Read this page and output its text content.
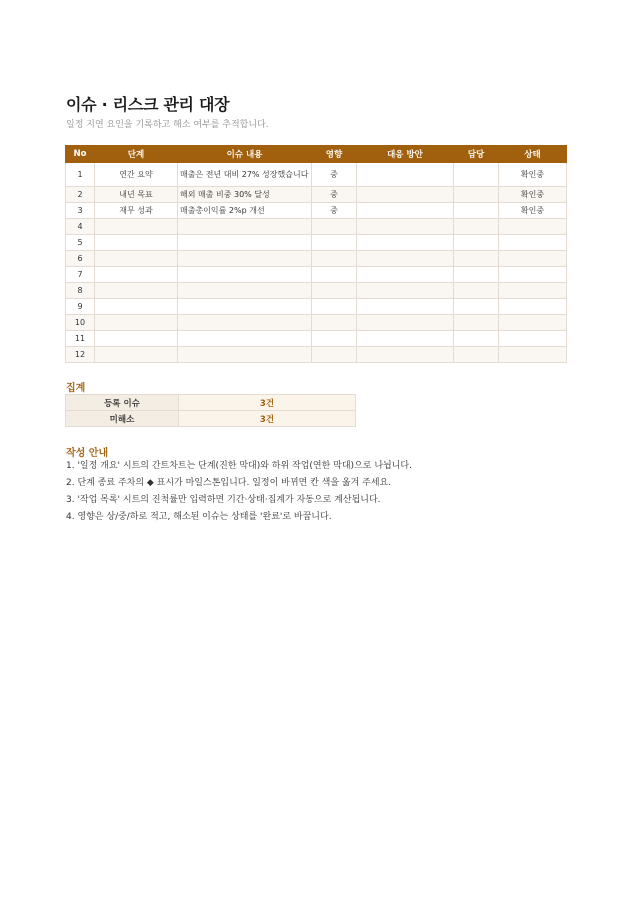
이슈 · 리스크 관리 대장
일정 지연 요인을 기록하고 해소 여부를 추적합니다.
No	단계	이슈 내용	영향	대응 방안	담당	상태
1	연간 요약	매출은 전년 대비 27% 성장했습니다	중			확인중
2	내년 목표	해외 매출 비중 30% 달성	중			확인중
3	재무 성과	매출총이익률 2%p 개선	중			확인중
4						
5						
6						
7						
8						
9						
10						
11						
12						
집계
등록 이슈	3건
미해소	3건
작성 안내
1. '일정 개요' 시트의 간트차트는 단계(진한 막대)와 하위 작업(연한 막대)으로 나뉩니다.
2. 단계 종료 주차의 ◆ 표시가 마일스톤입니다. 일정이 바뀌면 칸 색을 옮겨 주세요.
3. '작업 목록' 시트의 진척률만 입력하면 기간·상태·집계가 자동으로 계산됩니다.
4. 영향은 상/중/하로 적고, 해소된 이슈는 상태를 '완료'로 바꿉니다.
